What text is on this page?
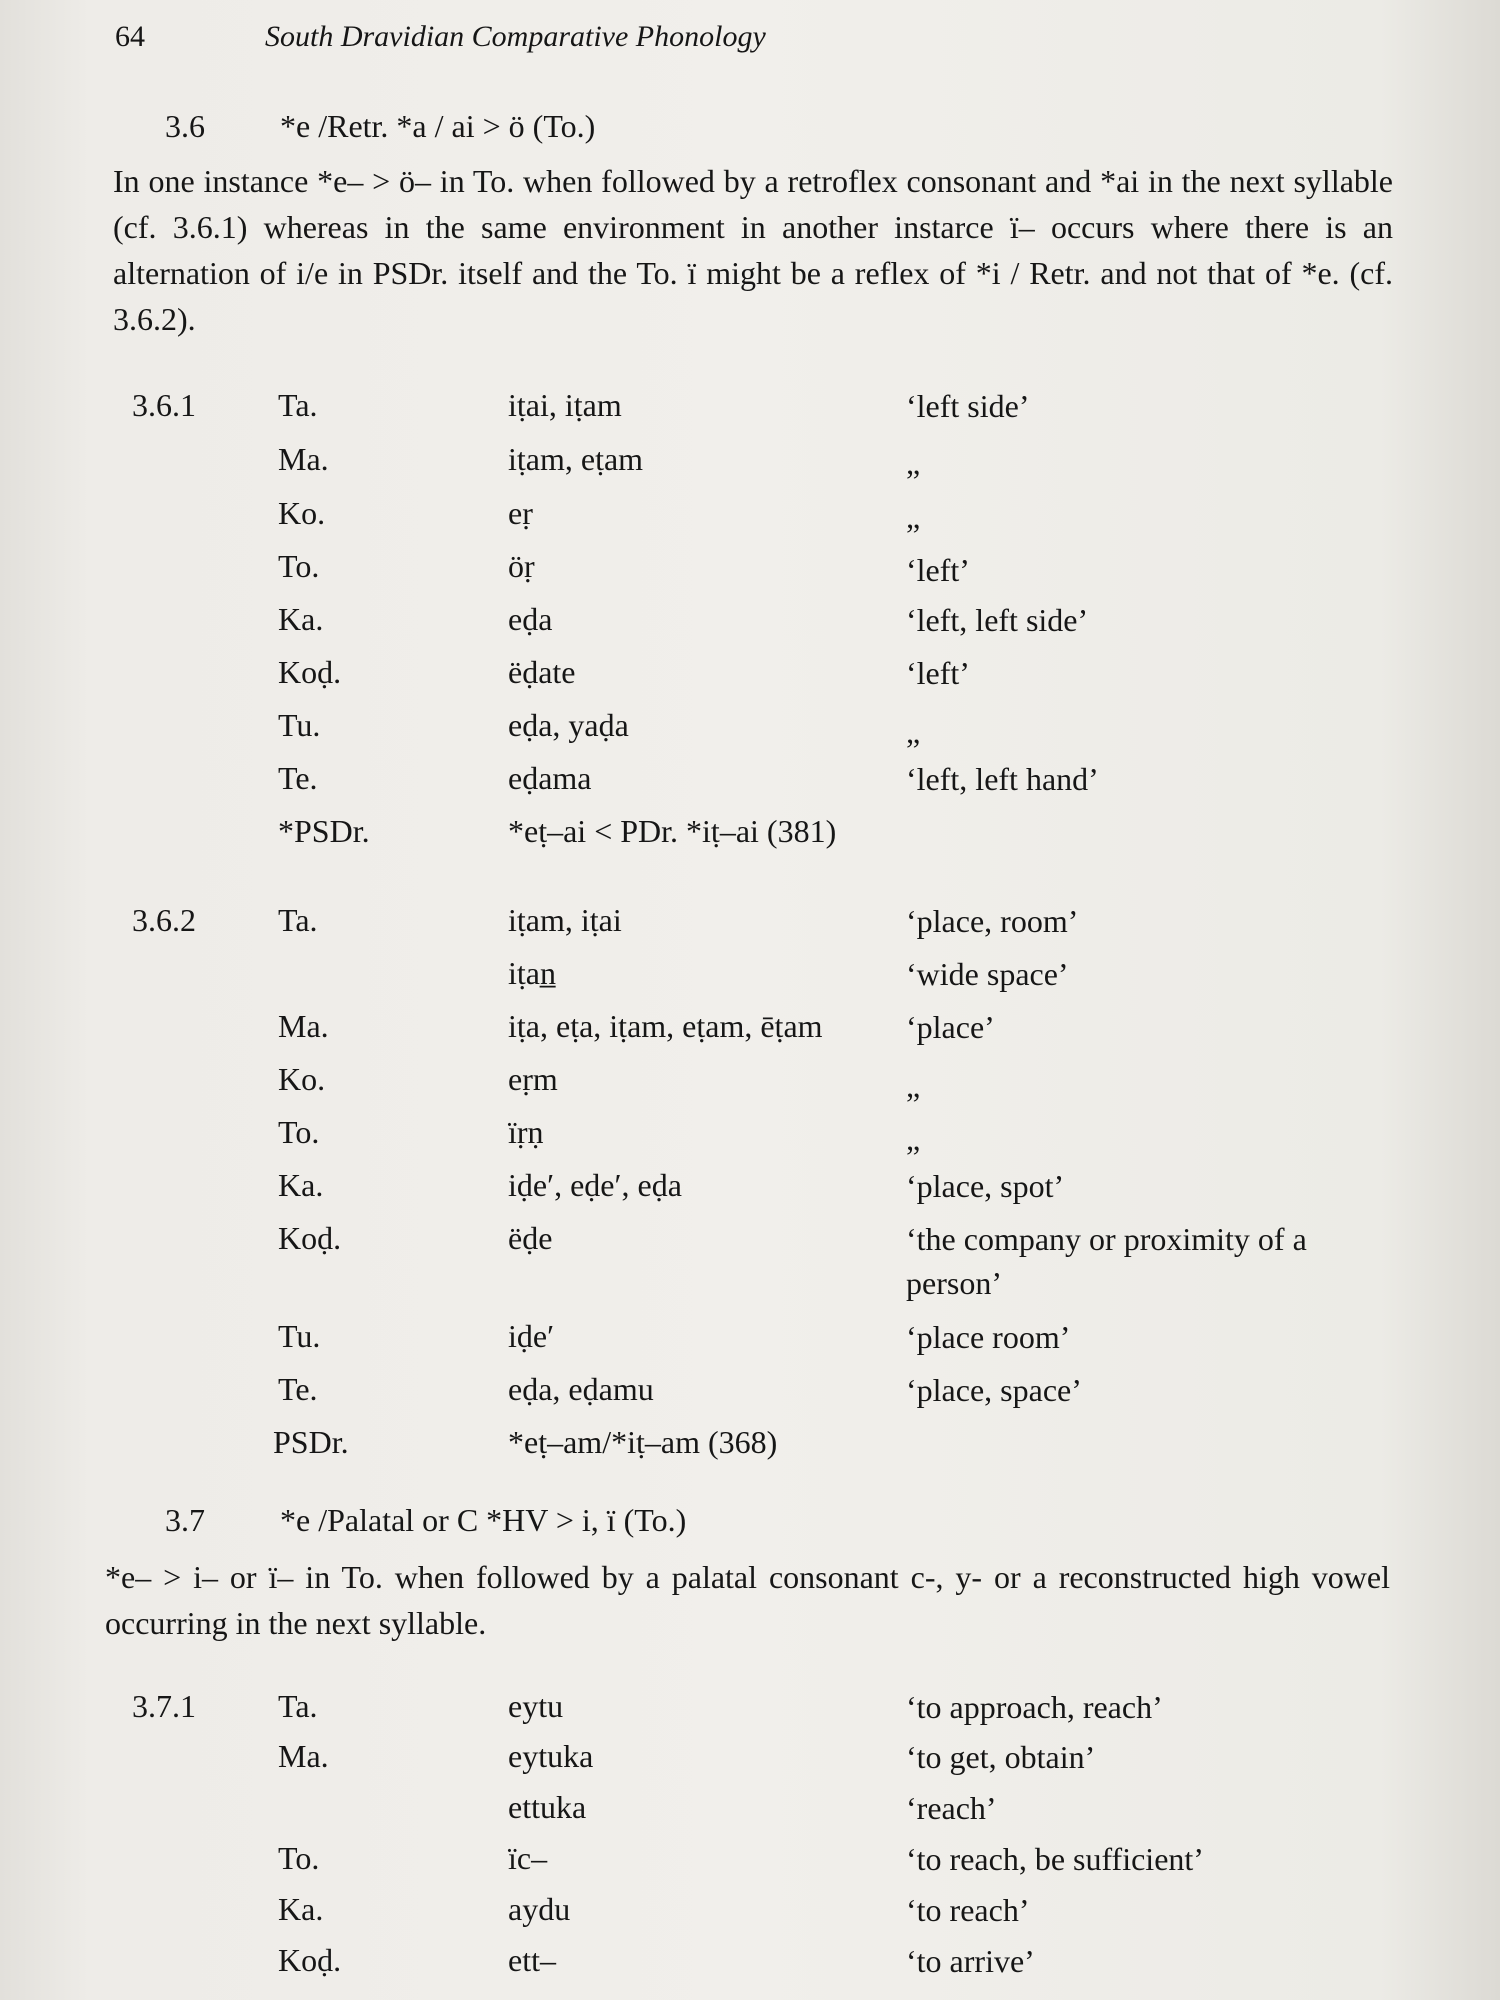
64	South Dravidian Comparative Phonology
3.6	*e /Retr. *a / ai > ö (To.)
In one instance *e– > ö– in To. when followed by a retroflex consonant and *ai in the next syllable (cf. 3.6.1) whereas in the same environment in another instarce ï– occurs where there is an alternation of i/e in PSDr. itself and the To. ï might be a reflex of *i / Retr. and not that of *e. (cf. 3.6.2).
3.6.1	Ta.	iṭai, iṭam	‘left side’
Ma.	iṭam, eṭam	„
Ko.	eṛ	„
To.	öṛ	‘left’
Ka.	eḍa	‘left, left side’
Koḍ.	ëḍate	‘left’
Tu.	eḍa, yaḍa	„
Te.	eḍama	‘left, left hand’
*PSDr.	*eṭ–ai < PDr. *iṭ–ai (381)
3.6.2	Ta.	iṭam, iṭai	‘place, room’
iṭan̲	‘wide space’
Ma.	iṭa, eṭa, iṭam, eṭam, ēṭam	‘place’
Ko.	eṛm	„
To.	ïṛṇ	„
Ka.	iḍe′, eḍe′, eḍa	‘place, spot’
Koḍ.	ëḍe	‘the company or proximity of a person’
Tu.	iḍe′	‘place room’
Te.	eḍa, eḍamu	‘place, space’
PSDr.	*eṭ–am/*iṭ–am (368)
3.7	*e /Palatal or C *HV > i, ï (To.)
*e– > i– or ï– in To. when followed by a palatal consonant c-, y- or a reconstructed high vowel occurring in the next syllable.
3.7.1	Ta.	eytu	‘to approach, reach’
Ma.	eytuka	‘to get, obtain’
ettuka	‘reach’
To.	ïc–	‘to reach, be sufficient’
Ka.	aydu	‘to reach’
Koḍ.	ett–	‘to arrive’
